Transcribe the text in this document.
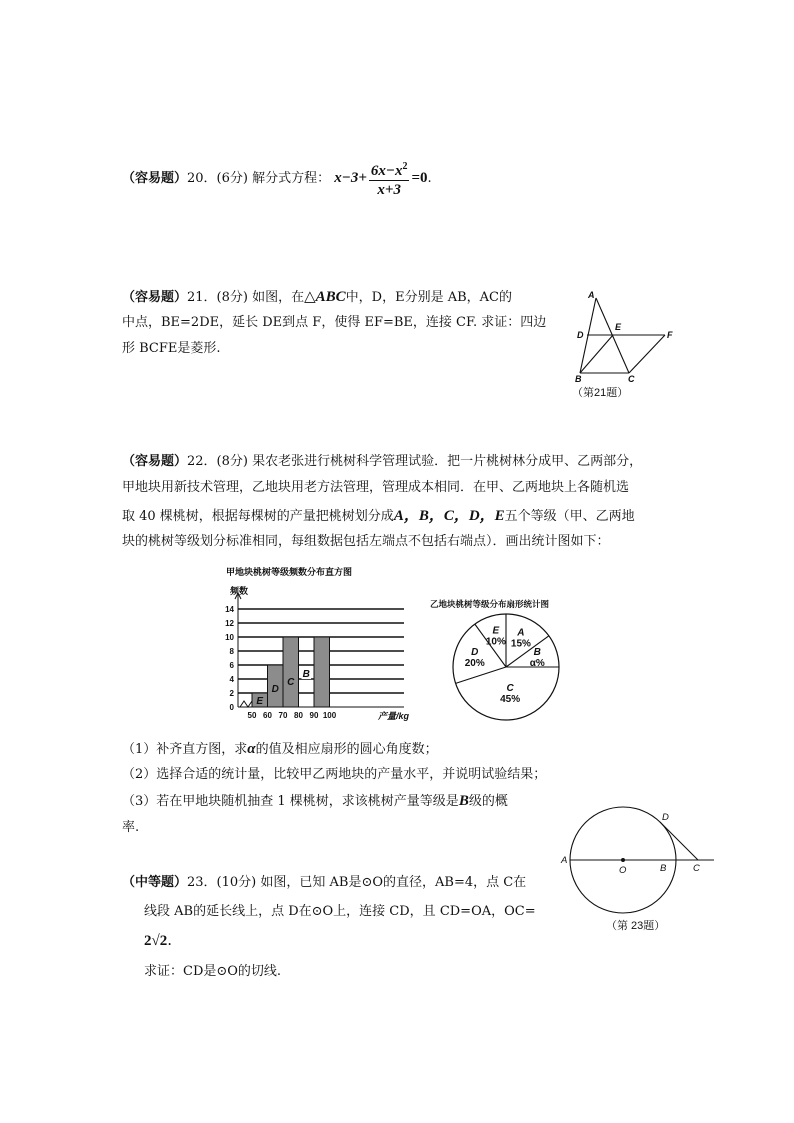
（容易题）20．(6分) 解分式方程： $x-3+ \frac{6x-x^2}{x+3} =0$.
（容易题）21．(8分) 如图，在△ABC中，D，E分别是 AB，AC的
中点，BE=2DE，延长 DE到点 F，使得 EF=BE，连接 CF. 求证：四边
形 BCFE是菱形.
A
D
E
F
B	C
（第21题）
（容易题）22．(8分) 果农老张进行桃树科学管理试验．把一片桃树林分成甲、乙两部分，
甲地块用新技术管理，乙地块用老方法管理，管理成本相同．在甲、乙两地块上各随机选
取 40 棵桃树，根据每棵树的产量把桃树划分成A，B，C，D，E五个等级（甲、乙两地
块的桃树等级划分标准相同，每组数据包括左端点不包括右端点）．画出统计图如下：
甲地块桃树等级频数分布直方图
频数
产量/kg
E
D
C
B
0
2
4
6
8
10
12
14
50 60 70 80 90 100
乙地块桃树等级分布扇形统计图
B
α%
A
15%
E
10%
D
20%
C
45%
（1）补齐直方图，求α的值及相应扇形的圆心角度数；
（2）选择合适的统计量，比较甲乙两地块的产量水平，并说明试验结果；
（3）若在甲地块随机抽查 1 棵桃树，求该桃树产量等级是B级的概
率.
（中等题）23．(10分) 如图，已知 AB是⊙O的直径，AB=4，点 C在
线段 AB的延长线上，点 D在⊙O上，连接 CD，且 CD=OA，OC=
2√2.
求证：CD是⊙O的切线.
A
O	B	C
D
（第 23题）
